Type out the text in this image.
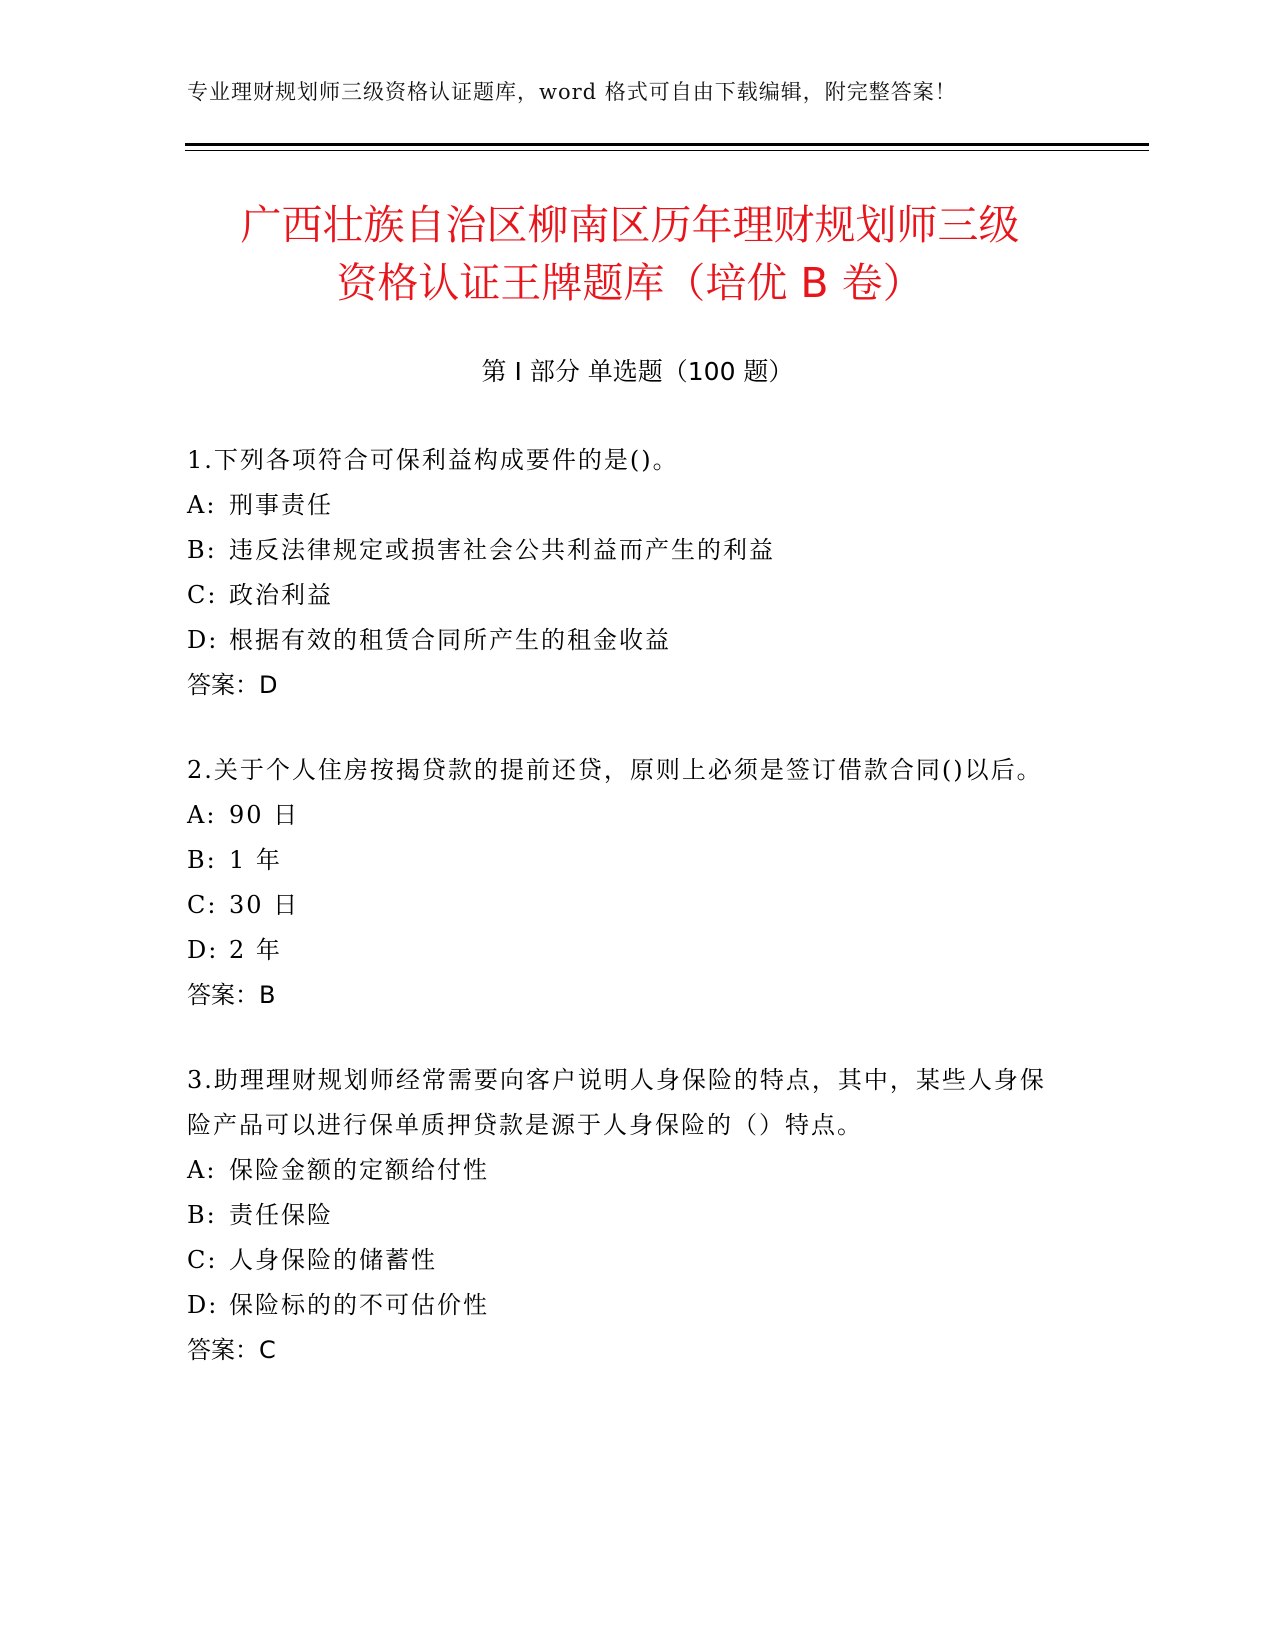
专业理财规划师三级资格认证题库，word 格式可自由下载编辑，附完整答案！
广西壮族自治区柳南区历年理财规划师三级
资格认证王牌题库（培优 B 卷）
第 I 部分 单选题（100 题）

1.下列各项符合可保利益构成要件的是()。

A: 刑事责任

B: 违反法律规定或损害社会公共利益而产生的利益

C: 政治利益

D: 根据有效的租赁合同所产生的租金收益

答案：D

2.关于个人住房按揭贷款的提前还贷，原则上必须是签订借款合同()以后。

A: 90 日

B: 1 年

C: 30 日

D: 2 年

答案：B

3.助理理财规划师经常需要向客户说明人身保险的特点，其中，某些人身保险产品可以进行保单质押贷款是源于人身保险的（）特点。

A: 保险金额的定额给付性

B: 责任保险

C: 人身保险的储蓄性

D: 保险标的的不可估价性

答案：C
